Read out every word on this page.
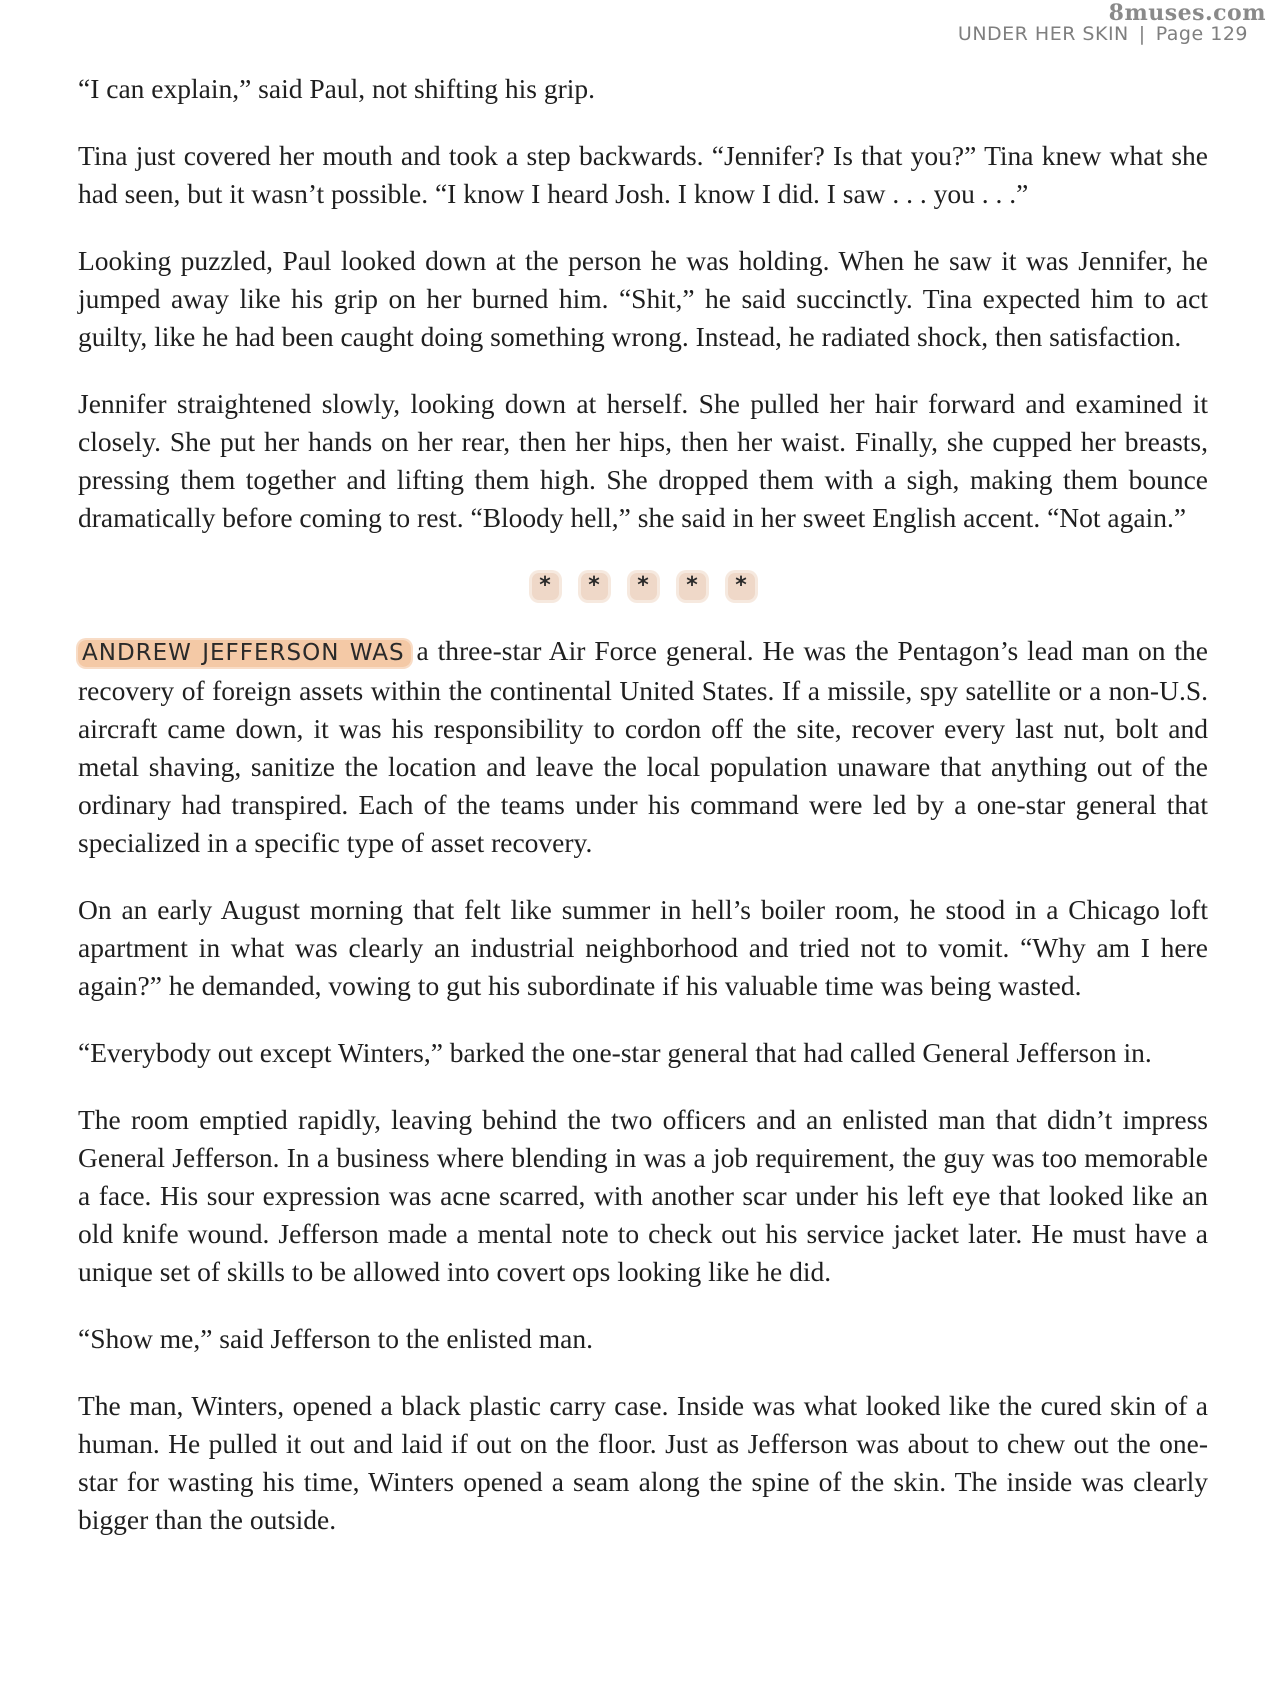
8muses.com
UNDER HER SKIN | Page 129

“I can explain,” said Paul, not shifting his grip.

Tina just covered her mouth and took a step backwards. “Jennifer? Is that you?” Tina knew what she had seen, but it wasn’t possible. “I know I heard Josh. I know I did. I saw . . . you . . .”

Looking puzzled, Paul looked down at the person he was holding. When he saw it was Jennifer, he jumped away like his grip on her burned him. “Shit,” he said succinctly. Tina expected him to act guilty, like he had been caught doing something wrong. Instead, he radiated shock, then satisfaction.

Jennifer straightened slowly, looking down at herself. She pulled her hair forward and examined it closely. She put her hands on her rear, then her hips, then her waist. Finally, she cupped her breasts, pressing them together and lifting them high. She dropped them with a sigh, making them bounce dramatically before coming to rest. “Bloody hell,” she said in her sweet English accent. “Not again.”

*	*	*	*	*

ANDREW JEFFERSON WAS a three-star Air Force general. He was the Pentagon’s lead man on the recovery of foreign assets within the continental United States. If a missile, spy satellite or a non-U.S. aircraft came down, it was his responsibility to cordon off the site, recover every last nut, bolt and metal shaving, sanitize the location and leave the local population unaware that anything out of the ordinary had transpired. Each of the teams under his command were led by a one-star general that specialized in a specific type of asset recovery.

On an early August morning that felt like summer in hell’s boiler room, he stood in a Chicago loft apartment in what was clearly an industrial neighborhood and tried not to vomit. “Why am I here again?” he demanded, vowing to gut his subordinate if his valuable time was being wasted.

“Everybody out except Winters,” barked the one-star general that had called General Jefferson in.

The room emptied rapidly, leaving behind the two officers and an enlisted man that didn’t impress General Jefferson. In a business where blending in was a job requirement, the guy was too memorable a face. His sour expression was acne scarred, with another scar under his left eye that looked like an old knife wound. Jefferson made a mental note to check out his service jacket later. He must have a unique set of skills to be allowed into covert ops looking like he did.

“Show me,” said Jefferson to the enlisted man.

The man, Winters, opened a black plastic carry case. Inside was what looked like the cured skin of a human. He pulled it out and laid if out on the floor. Just as Jefferson was about to chew out the one-star for wasting his time, Winters opened a seam along the spine of the skin. The inside was clearly bigger than the outside.
